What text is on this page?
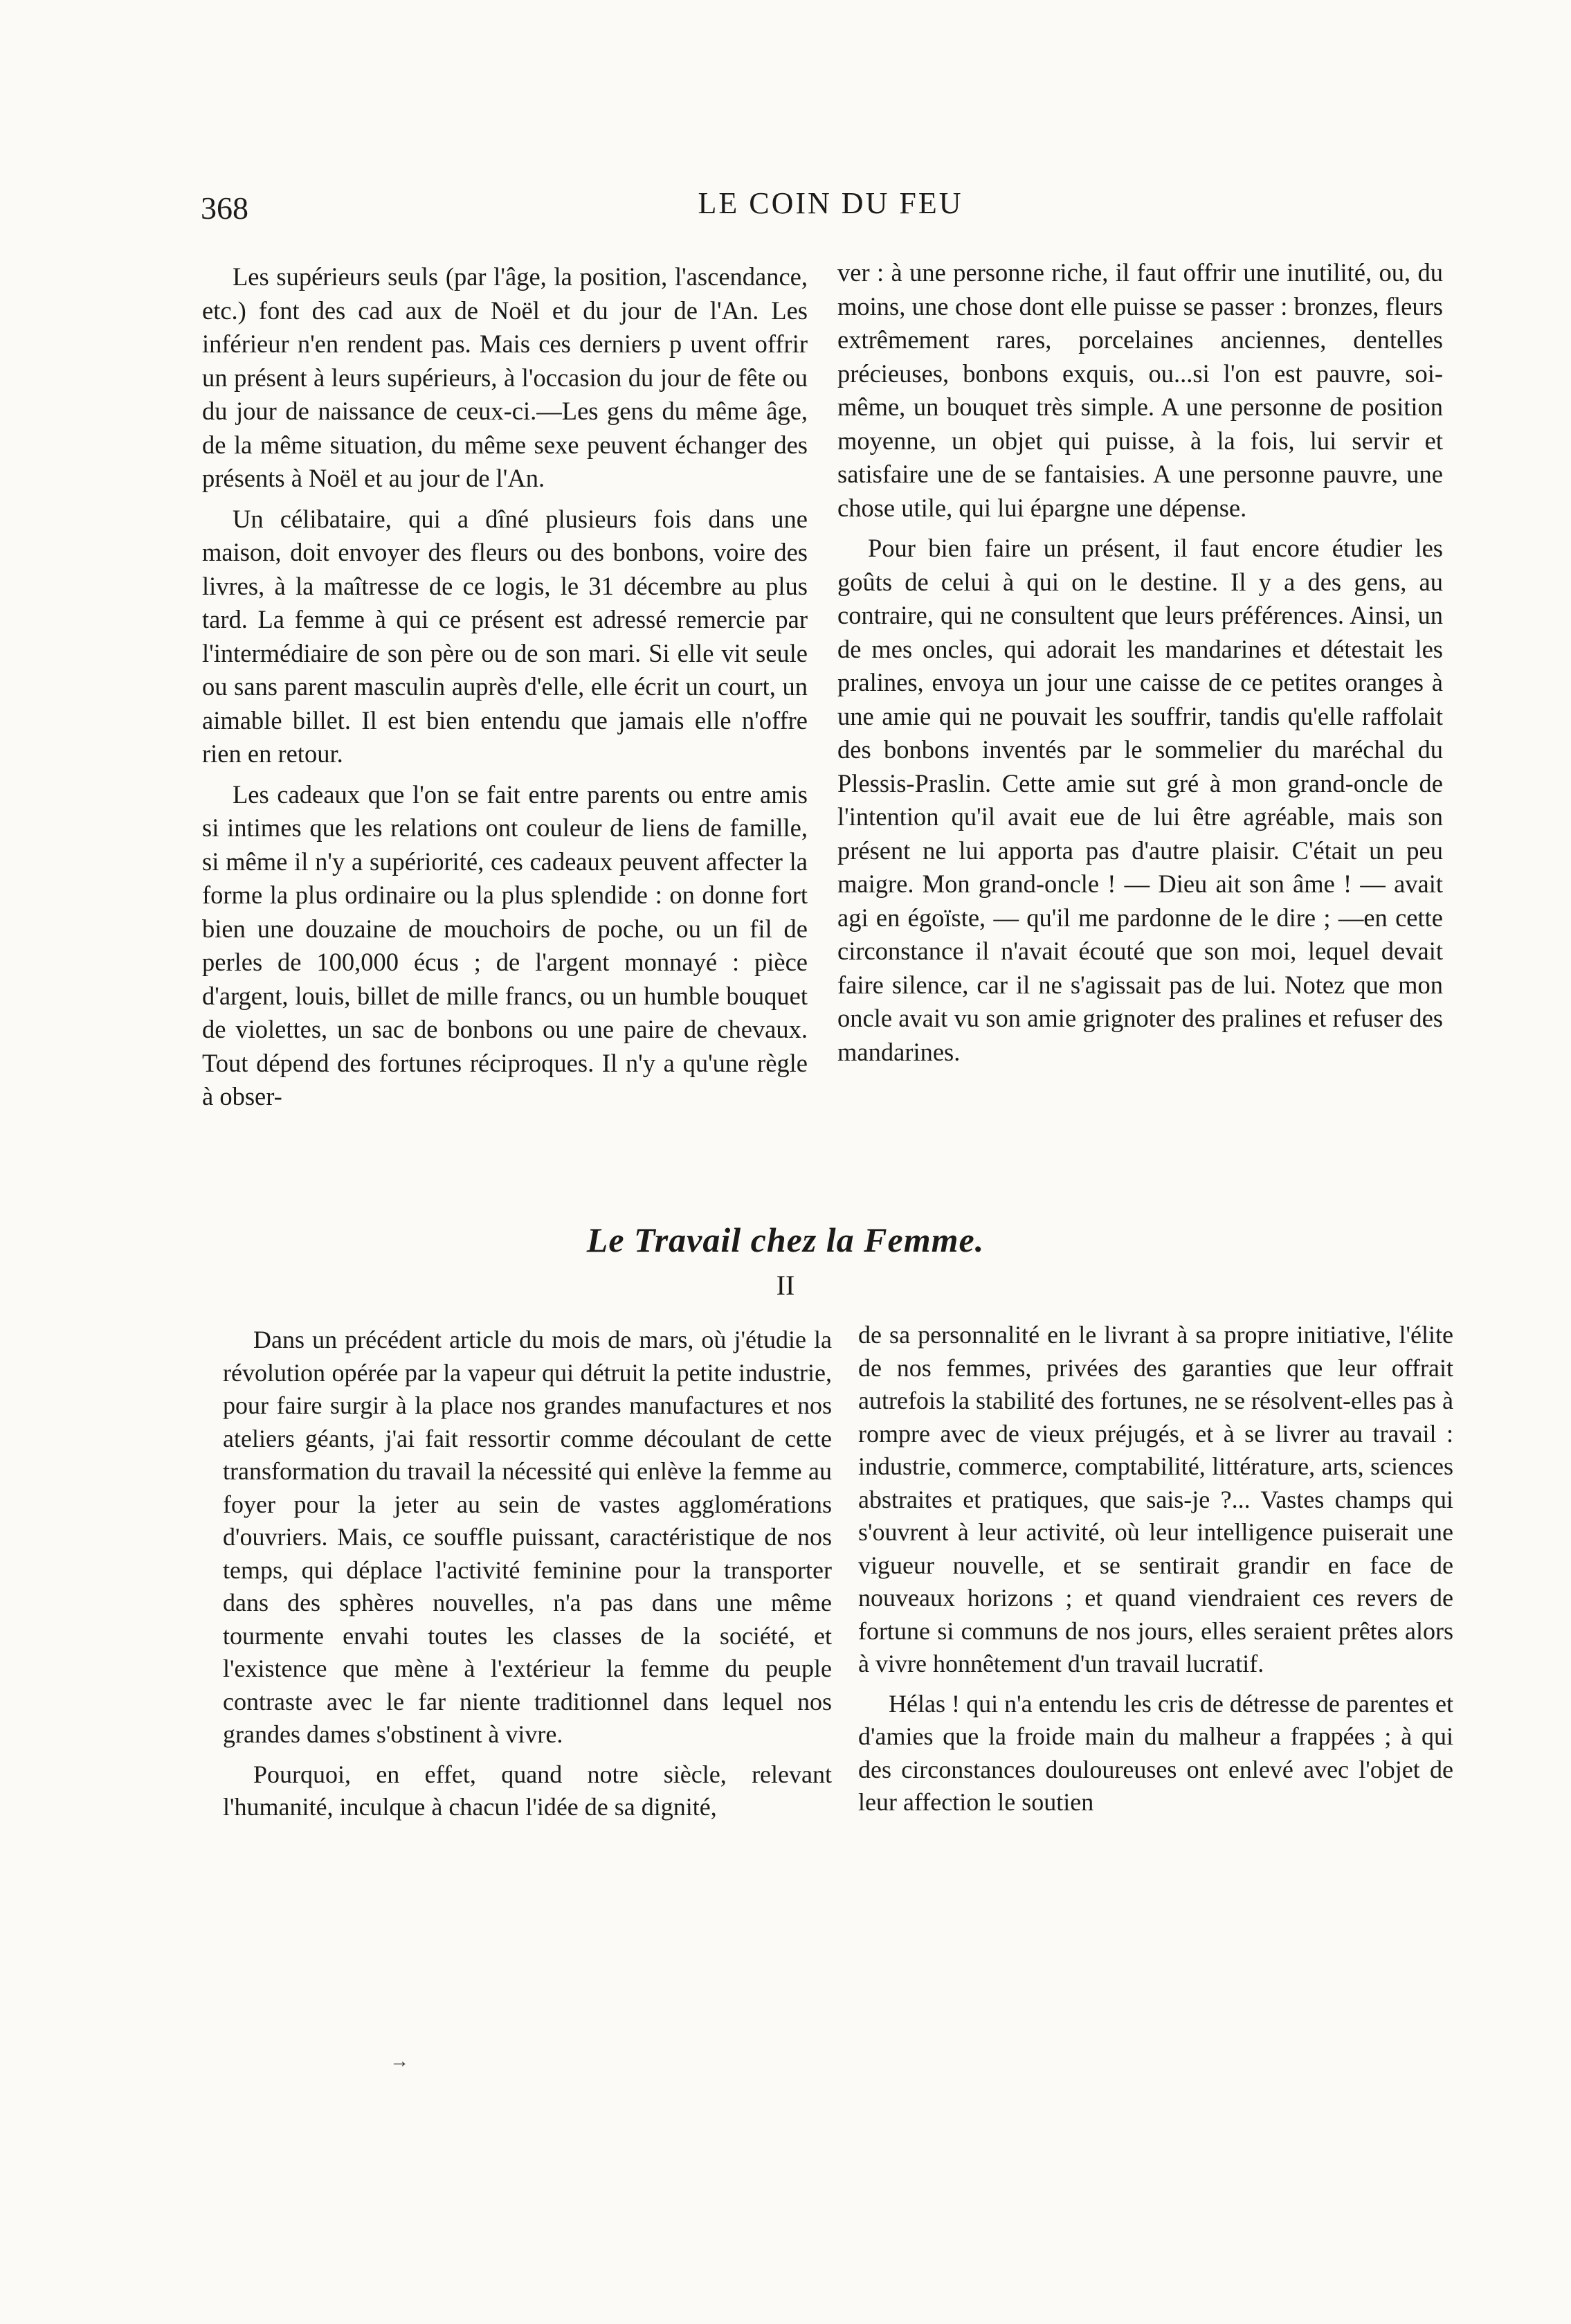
368	LE COIN DU FEU

Les supérieurs seuls (par l'âge, la position, l'ascendance, etc.) font des cad aux de Noël et du jour de l'An. Les inférieur n'en rendent pas. Mais ces derniers p uvent offrir un présent à leurs supérieurs, à l'occasion du jour de fête ou du jour de naissance de ceux-ci.—Les gens du même âge, de la même situation, du même sexe peuvent échanger des présents à Noël et au jour de l'An.

Un célibataire, qui a dîné plusieurs fois dans une maison, doit envoyer des fleurs ou des bonbons, voire des livres, à la maîtresse de ce logis, le 31 décembre au plus tard. La femme à qui ce présent est adressé remercie par l'intermédiaire de son père ou de son mari. Si elle vit seule ou sans parent masculin auprès d'elle, elle écrit un court, un aimable billet. Il est bien entendu que jamais elle n'offre rien en retour.

Les cadeaux que l'on se fait entre parents ou entre amis si intimes que les relations ont couleur de liens de famille, si même il n'y a supériorité, ces cadeaux peuvent affecter la forme la plus ordinaire ou la plus splendide : on donne fort bien une douzaine de mouchoirs de poche, ou un fil de perles de 100,000 écus ; de l'argent monnayé : pièce d'argent, louis, billet de mille francs, ou un humble bouquet de violettes, un sac de bonbons ou une paire de chevaux. Tout dépend des fortunes réciproques. Il n'y a qu'une règle à obser-

ver : à une personne riche, il faut offrir une inutilité, ou, du moins, une chose dont elle puisse se passer : bronzes, fleurs extrêmement rares, porcelaines anciennes, dentelles précieuses, bonbons exquis, ou...si l'on est pauvre, soi-même, un bouquet très simple. A une personne de position moyenne, un objet qui puisse, à la fois, lui servir et satisfaire une de se fantaisies. A une personne pauvre, une chose utile, qui lui épargne une dépense.

Pour bien faire un présent, il faut encore étudier les goûts de celui à qui on le destine. Il y a des gens, au contraire, qui ne consultent que leurs préférences. Ainsi, un de mes oncles, qui adorait les mandarines et détestait les pralines, envoya un jour une caisse de ce petites oranges à une amie qui ne pouvait les souffrir, tandis qu'elle raffolait des bonbons inventés par le sommelier du maréchal du Plessis-Praslin. Cette amie sut gré à mon grand-oncle de l'intention qu'il avait eue de lui être agréable, mais son présent ne lui apporta pas d'autre plaisir. C'était un peu maigre. Mon grand-oncle ! — Dieu ait son âme ! — avait agi en égoïste, — qu'il me pardonne de le dire ; —en cette circonstance il n'avait écouté que son moi, lequel devait faire silence, car il ne s'agissait pas de lui. Notez que mon oncle avait vu son amie grignoter des pralines et refuser des mandarines.

Le Travail chez la Femme.
II

Dans un précédent article du mois de mars, où j'étudie la révolution opérée par la vapeur qui détruit la petite industrie, pour faire surgir à la place nos grandes manufactures et nos ateliers géants, j'ai fait ressortir comme découlant de cette transformation du travail la nécessité qui enlève la femme au foyer pour la jeter au sein de vastes agglomérations d'ouvriers. Mais, ce souffle puissant, caractéristique de nos temps, qui déplace l'activité feminine pour la transporter dans des sphères nouvelles, n'a pas dans une même tourmente envahi toutes les classes de la société, et l'existence que mène à l'extérieur la femme du peuple contraste avec le far niente traditionnel dans lequel nos grandes dames s'obstinent à vivre.

Pourquoi, en effet, quand notre siècle, relevant l'humanité, inculque à chacun l'idée de sa dignité,

de sa personnalité en le livrant à sa propre initiative, l'élite de nos femmes, privées des garanties que leur offrait autrefois la stabilité des fortunes, ne se résolvent-elles pas à rompre avec de vieux préjugés, et à se livrer au travail : industrie, commerce, comptabilité, littérature, arts, sciences abstraites et pratiques, que sais-je ?... Vastes champs qui s'ouvrent à leur activité, où leur intelligence puiserait une vigueur nouvelle, et se sentirait grandir en face de nouveaux horizons ; et quand viendraient ces revers de fortune si communs de nos jours, elles seraient prêtes alors à vivre honnêtement d'un travail lucratif.

Hélas ! qui n'a entendu les cris de détresse de parentes et d'amies que la froide main du malheur a frappées ; à qui des circonstances douloureuses ont enlevé avec l'objet de leur affection le soutien

→
